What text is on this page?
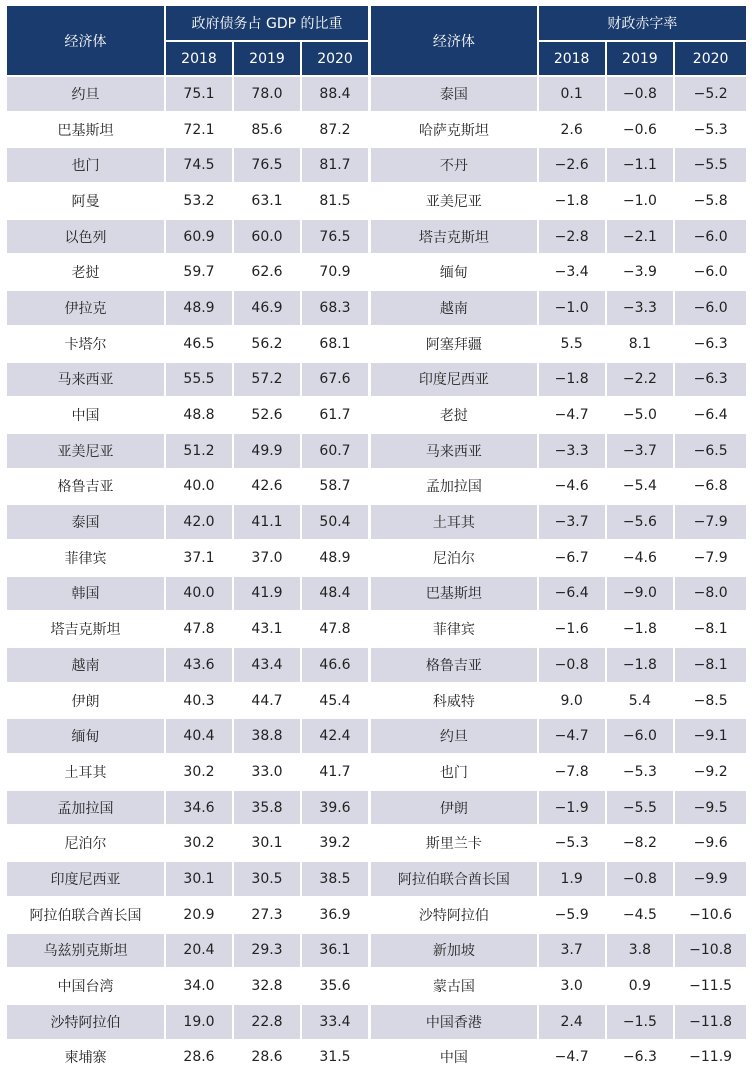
经济体	政府债务占 GDP 的比重		
	2018	2019	2020
约旦	75.1	78.0	88.4
巴基斯坦	72.1	85.6	87.2
也门	74.5	76.5	81.7
阿曼	53.2	63.1	81.5
以色列	60.9	60.0	76.5
老挝	59.7	62.6	70.9
伊拉克	48.9	46.9	68.3
卡塔尔	46.5	56.2	68.1
马来西亚	55.5	57.2	67.6
中国	48.8	52.6	61.7
亚美尼亚	51.2	49.9	60.7
格鲁吉亚	40.0	42.6	58.7
泰国	42.0	41.1	50.4
菲律宾	37.1	37.0	48.9
韩国	40.0	41.9	48.4
塔吉克斯坦	47.8	43.1	47.8
越南	43.6	43.4	46.6
伊朗	40.3	44.7	45.4
缅甸	40.4	38.8	42.4
土耳其	30.2	33.0	41.7
孟加拉国	34.6	35.8	39.6
尼泊尔	30.2	30.1	39.2
印度尼西亚	30.1	30.5	38.5
阿拉伯联合酋长国	20.9	27.3	36.9
乌兹别克斯坦	20.4	29.3	36.1
中国台湾	34.0	32.8	35.6
沙特阿拉伯	19.0	22.8	33.4
柬埔寨	28.6	28.6	31.5
经济体	财政赤字率		
	2018	2019	2020
泰国	0.1	−0.8	−5.2
哈萨克斯坦	2.6	−0.6	−5.3
不丹	−2.6	−1.1	−5.5
亚美尼亚	−1.8	−1.0	−5.8
塔吉克斯坦	−2.8	−2.1	−6.0
缅甸	−3.4	−3.9	−6.0
越南	−1.0	−3.3	−6.0
阿塞拜疆	5.5	8.1	−6.3
印度尼西亚	−1.8	−2.2	−6.3
老挝	−4.7	−5.0	−6.4
马来西亚	−3.3	−3.7	−6.5
孟加拉国	−4.6	−5.4	−6.8
土耳其	−3.7	−5.6	−7.9
尼泊尔	−6.7	−4.6	−7.9
巴基斯坦	−6.4	−9.0	−8.0
菲律宾	−1.6	−1.8	−8.1
格鲁吉亚	−0.8	−1.8	−8.1
科威特	9.0	5.4	−8.5
约旦	−4.7	−6.0	−9.1
也门	−7.8	−5.3	−9.2
伊朗	−1.9	−5.5	−9.5
斯里兰卡	−5.3	−8.2	−9.6
阿拉伯联合酋长国	1.9	−0.8	−9.9
沙特阿拉伯	−5.9	−4.5	−10.6
新加坡	3.7	3.8	−10.8
蒙古国	3.0	0.9	−11.5
中国香港	2.4	−1.5	−11.8
中国	−4.7	−6.3	−11.9
